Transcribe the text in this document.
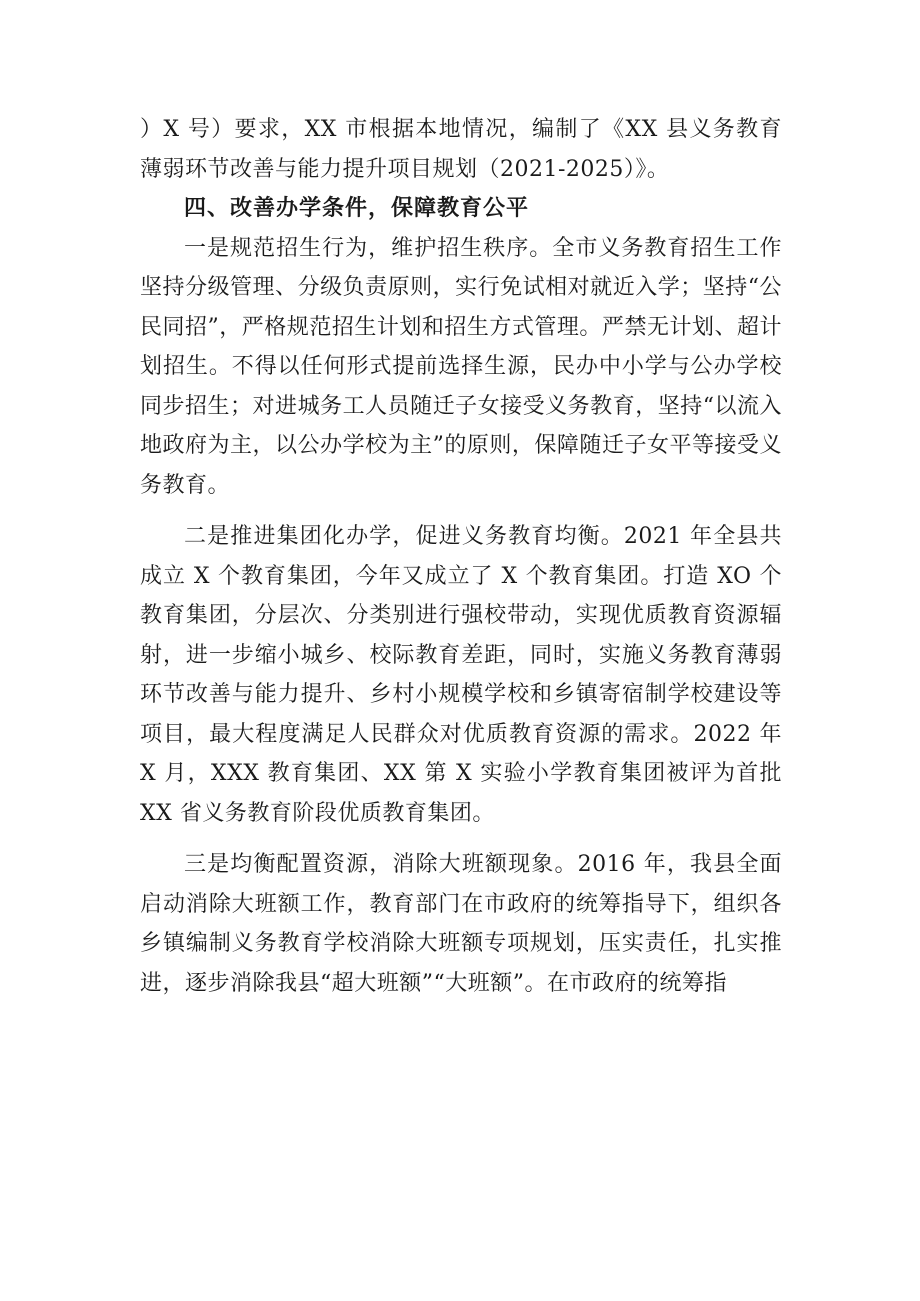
）X 号）要求，XX 市根据本地情况，编制了《XX 县义务教育薄弱环节改善与能力提升项目规划（2021-2025）》。

四、改善办学条件，保障教育公平

一是规范招生行为，维护招生秩序。全市义务教育招生工作坚持分级管理、分级负责原则，实行免试相对就近入学；坚持“公民同招”，严格规范招生计划和招生方式管理。严禁无计划、超计划招生。不得以任何形式提前选择生源，民办中小学与公办学校同步招生；对进城务工人员随迁子女接受义务教育，坚持“以流入地政府为主，以公办学校为主”的原则，保障随迁子女平等接受义务教育。

二是推进集团化办学，促进义务教育均衡。2021 年全县共成立 X 个教育集团，今年又成立了 X 个教育集团。打造 XO 个教育集团，分层次、分类别进行强校带动，实现优质教育资源辐射，进一步缩小城乡、校际教育差距，同时，实施义务教育薄弱环节改善与能力提升、乡村小规模学校和乡镇寄宿制学校建设等项目，最大程度满足人民群众对优质教育资源的需求。2022 年 X 月，XXX 教育集团、XX 第 X 实验小学教育集团被评为首批 XX 省义务教育阶段优质教育集团。

三是均衡配置资源，消除大班额现象。2016 年，我县全面启动消除大班额工作，教育部门在市政府的统筹指导下，组织各乡镇编制义务教育学校消除大班额专项规划，压实责任，扎实推进，逐步消除我县“超大班额”“大班额”。在市政府的统筹指
